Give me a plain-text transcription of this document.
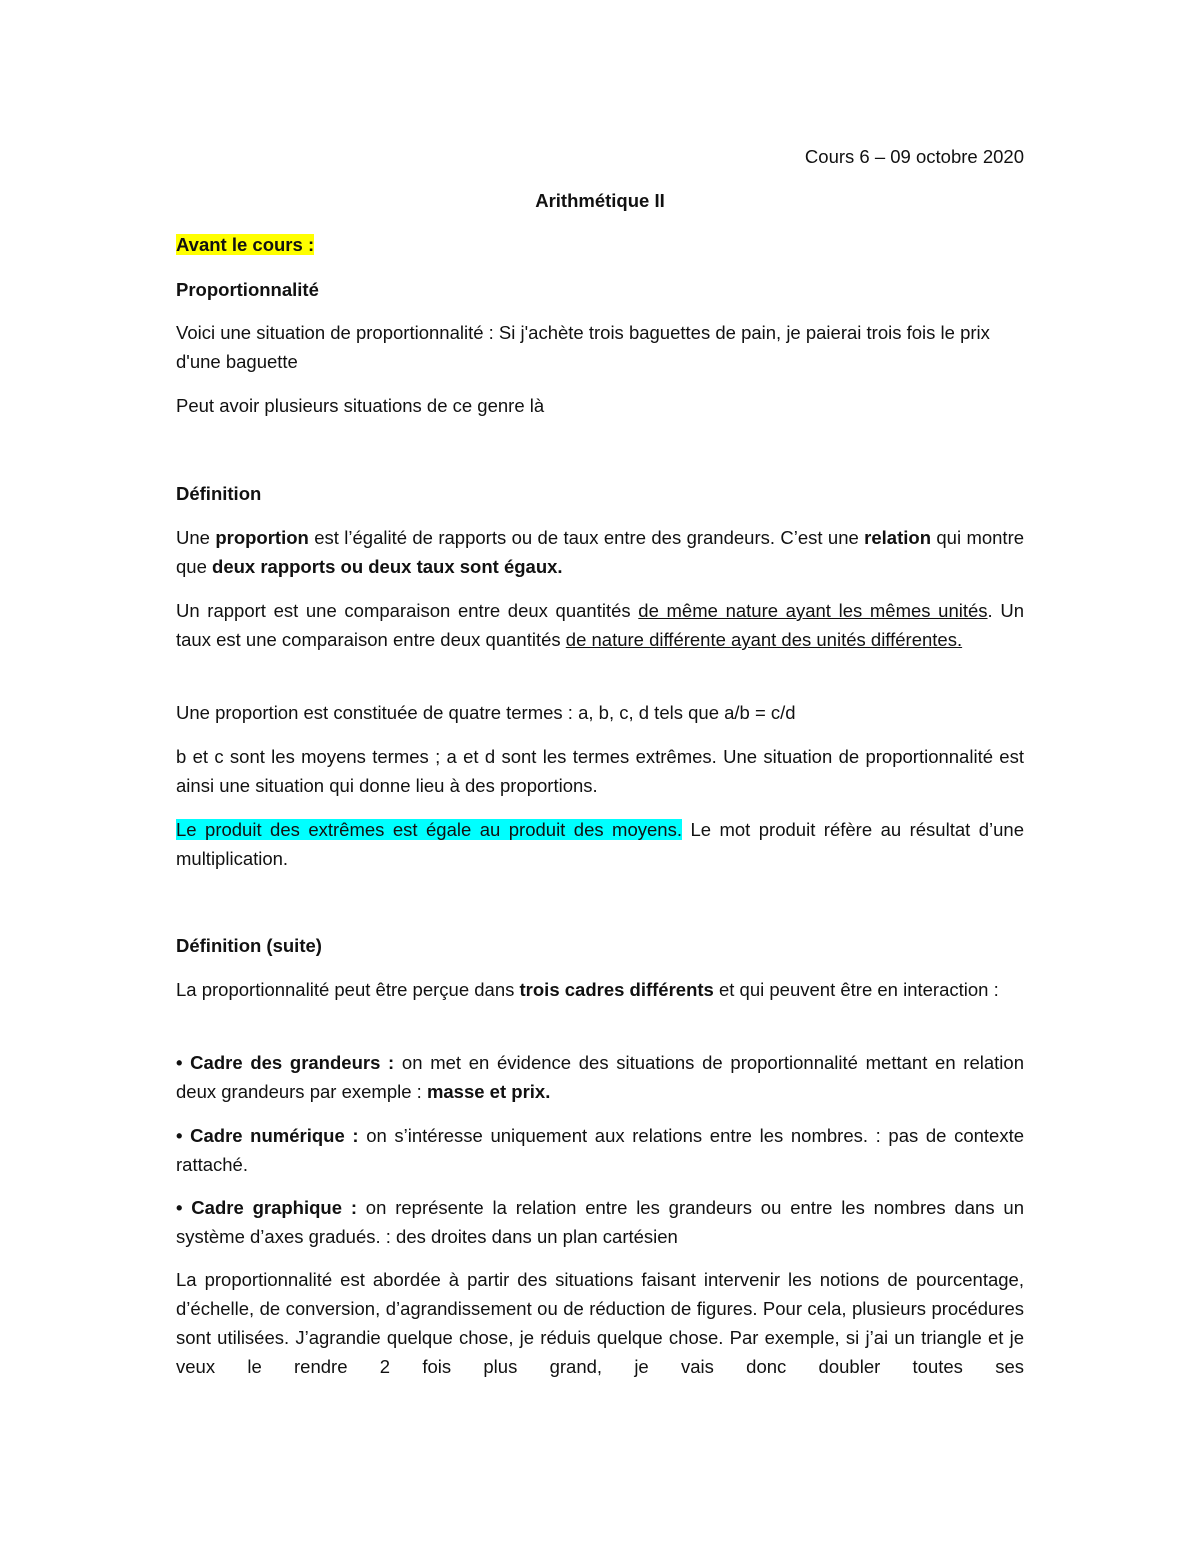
Cours 6 – 09 octobre 2020

Arithmétique II

Avant le cours :

Proportionnalité

Voici une situation de proportionnalité : Si j'achète trois baguettes de pain, je paierai trois fois le prix d'une baguette

Peut avoir plusieurs situations de ce genre là

Définition

Une proportion est l’égalité de rapports ou de taux entre des grandeurs. C’est une relation qui montre que deux rapports ou deux taux sont égaux.

Un rapport est une comparaison entre deux quantités de même nature ayant les mêmes unités. Un taux est une comparaison entre deux quantités de nature différente ayant des unités différentes.

Une proportion est constituée de quatre termes : a, b, c, d tels que a/b = c/d

b et c sont les moyens termes ; a et d sont les termes extrêmes. Une situation de proportionnalité est ainsi une situation qui donne lieu à des proportions.

Le produit des extrêmes est égale au produit des moyens. Le mot produit réfère au résultat d’une multiplication.

Définition (suite)

La proportionnalité peut être perçue dans trois cadres différents et qui peuvent être en interaction :

• Cadre des grandeurs : on met en évidence des situations de proportionnalité mettant en relation deux grandeurs par exemple : masse et prix.

• Cadre numérique : on s’intéresse uniquement aux relations entre les nombres. : pas de contexte rattaché.

• Cadre graphique : on représente la relation entre les grandeurs ou entre les nombres dans un système d’axes gradués. : des droites dans un plan cartésien

La proportionnalité est abordée à partir des situations faisant intervenir les notions de pourcentage, d’échelle, de conversion, d’agrandissement ou de réduction de figures. Pour cela, plusieurs procédures sont utilisées. J’agrandie quelque chose, je réduis quelque chose. Par exemple, si j’ai un triangle et je veux le rendre 2 fois plus grand, je vais donc doubler toutes ses
